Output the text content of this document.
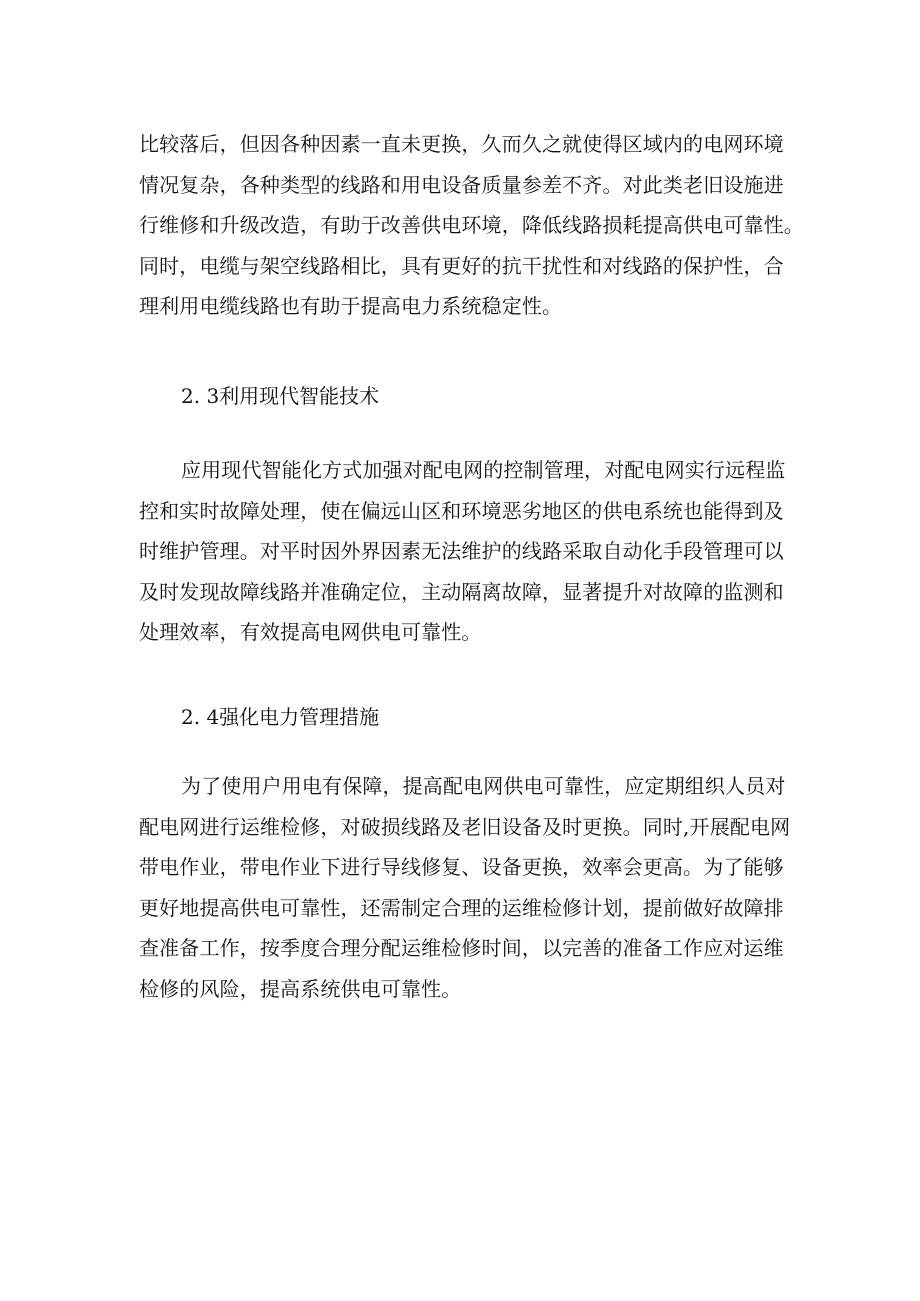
比较落后，但因各种因素一直未更换，久而久之就使得区域内的电网环境
情况复杂，各种类型的线路和用电设备质量参差不齐。对此类老旧设施进
行维修和升级改造，有助于改善供电环境，降低线路损耗提高供电可靠性。
同时，电缆与架空线路相比，具有更好的抗干扰性和对线路的保护性，合
理利用电缆线路也有助于提高电力系统稳定性。

2. 3利用现代智能技术

应用现代智能化方式加强对配电网的控制管理，对配电网实行远程监
控和实时故障处理，使在偏远山区和环境恶劣地区的供电系统也能得到及
时维护管理。对平时因外界因素无法维护的线路采取自动化手段管理可以
及时发现故障线路并准确定位，主动隔离故障，显著提升对故障的监测和
处理效率，有效提高电网供电可靠性。

2. 4强化电力管理措施

为了使用户用电有保障，提高配电网供电可靠性，应定期组织人员对
配电网进行运维检修，对破损线路及老旧设备及时更换。同时,开展配电网
带电作业，带电作业下进行导线修复、设备更换，效率会更高。为了能够
更好地提高供电可靠性，还需制定合理的运维检修计划，提前做好故障排
查准备工作，按季度合理分配运维检修时间，以完善的准备工作应对运维
检修的风险，提高系统供电可靠性。
